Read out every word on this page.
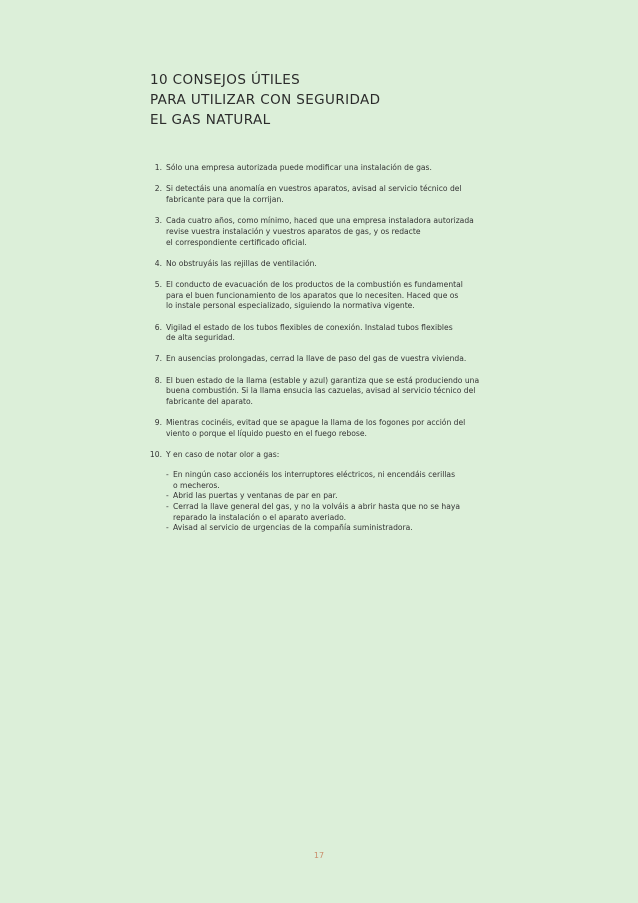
10 CONSEJOS ÚTILES
PARA UTILIZAR CON SEGURIDAD
EL GAS NATURAL
1. Sólo una empresa autorizada puede modificar una instalación de gas.
2. Si detectáis una anomalía en vuestros aparatos, avisad al servicio técnico del
fabricante para que la corrijan.
3. Cada cuatro años, como mínimo, haced que una empresa instaladora autorizada
revise vuestra instalación y vuestros aparatos de gas, y os redacte
el correspondiente certificado oficial.
4. No obstruyáis las rejillas de ventilación.
5. El conducto de evacuación de los productos de la combustión es fundamental
para el buen funcionamiento de los aparatos que lo necesiten. Haced que os
lo instale personal especializado, siguiendo la normativa vigente.
6. Vigilad el estado de los tubos flexibles de conexión. Instalad tubos flexibles
de alta seguridad.
7. En ausencias prolongadas, cerrad la llave de paso del gas de vuestra vivienda.
8. El buen estado de la llama (estable y azul) garantiza que se está produciendo una
buena combustión. Si la llama ensucia las cazuelas, avisad al servicio técnico del
fabricante del aparato.
9. Mientras cocinéis, evitad que se apague la llama de los fogones por acción del
viento o porque el líquido puesto en el fuego rebose.
10. Y en caso de notar olor a gas:
- En ningún caso accionéis los interruptores eléctricos, ni encendáis cerillas
o mecheros.
- Abrid las puertas y ventanas de par en par.
- Cerrad la llave general del gas, y no la volváis a abrir hasta que no se haya
reparado la instalación o el aparato averiado.
- Avisad al servicio de urgencias de la compañía suministradora.
17
